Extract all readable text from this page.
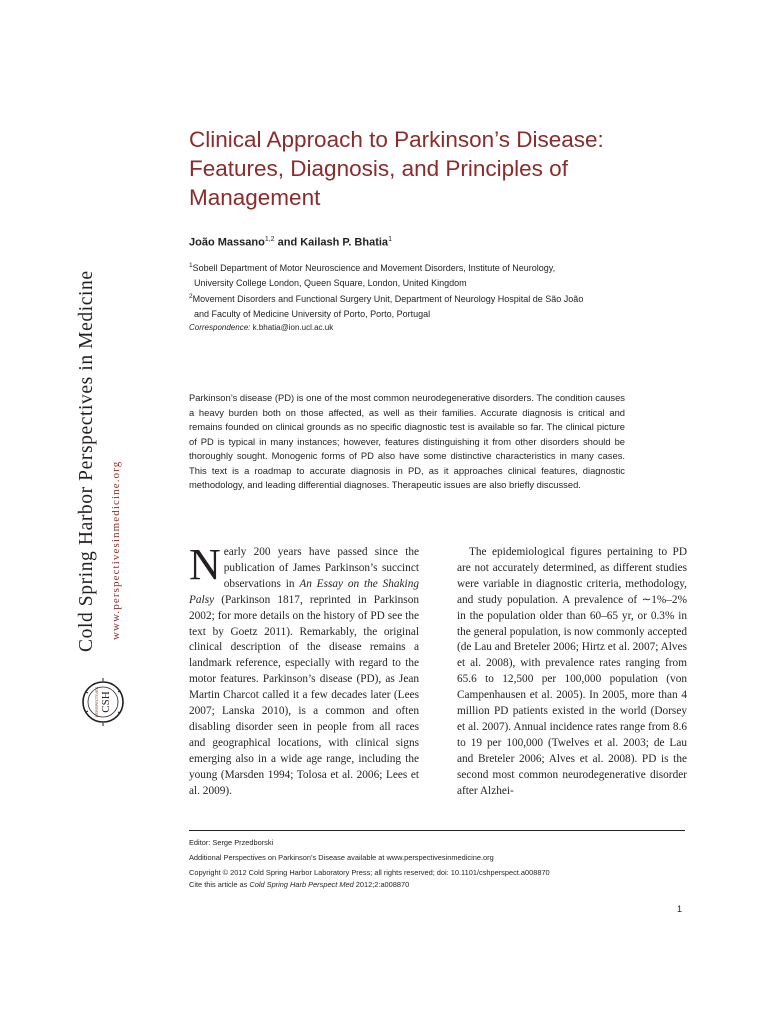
Cold Spring Harbor Perspectives in Medicine www.perspectivesinmedicine.org
CSH
PERSPECTIVES
Clinical Approach to Parkinson’s Disease: Features, Diagnosis, and Principles of Management
João Massano$^{1,2}$ and Kailash P. Bhatia$^1$
$^1$Sobell Department of Motor Neuroscience and Movement Disorders, Institute of Neurology,
University College London, Queen Square, London, United Kingdom
$^2$Movement Disorders and Functional Surgery Unit, Department of Neurology Hospital de São João
and Faculty of Medicine University of Porto, Porto, Portugal
Correspondence: k.bhatia@ion.ucl.ac.uk
Parkinson’s disease (PD) is one of the most common neurodegenerative disorders. The condition causes a heavy burden both on those affected, as well as their families. Accurate diagnosis is critical and remains founded on clinical grounds as no specific diagnostic test is available so far. The clinical picture of PD is typical in many instances; however, features distinguishing it from other disorders should be thoroughly sought. Monogenic forms of PD also have some distinctive characteristics in many cases. This text is a roadmap to accurate diagnosis in PD, as it approaches clinical features, diagnostic methodology, and leading differential diagnoses. Therapeutic issues are also briefly discussed.
Nearly 200 years have passed since the publication of James Parkinson’s succinct observations in An Essay on the Shaking Palsy (Parkinson 1817, reprinted in Parkinson 2002; for more details on the history of PD see the text by Goetz 2011). Remarkably, the original clinical description of the disease remains a landmark reference, especially with regard to the motor features. Parkinson’s disease (PD), as Jean Martin Charcot called it a few decades later (Lees 2007; Lanska 2010), is a common and often disabling disorder seen in people from all races and geographical locations, with clinical signs emerging also in a wide age range, including the young (Marsden 1994; Tolosa et al. 2006; Lees et al. 2009).
The epidemiological figures pertaining to PD are not accurately determined, as different studies were variable in diagnostic criteria, methodology, and study population. A prevalence of ∼1%–2% in the population older than 60–65 yr, or 0.3% in the general population, is now commonly accepted (de Lau and Breteler 2006; Hirtz et al. 2007; Alves et al. 2008), with prevalence rates ranging from 65.6 to 12,500 per 100,000 population (von Campenhausen et al. 2005). In 2005, more than 4 million PD patients existed in the world (Dorsey et al. 2007). Annual incidence rates range from 8.6 to 19 per 100,000 (Twelves et al. 2003; de Lau and Breteler 2006; Alves et al. 2008). PD is the second most common neurodegenerative disorder after Alzhei-
Editor: Serge Przedborski
Additional Perspectives on Parkinson’s Disease available at www.perspectivesinmedicine.org
Copyright © 2012 Cold Spring Harbor Laboratory Press; all rights reserved; doi: 10.1101/cshperspect.a008870
Cite this article as Cold Spring Harb Perspect Med 2012;2:a008870
1
